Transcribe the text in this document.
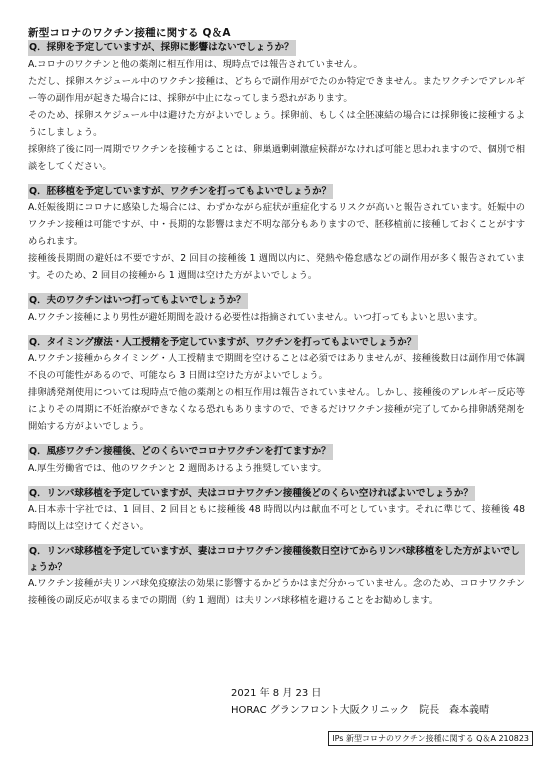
新型コロナのワクチン接種に関する Q＆A
Q．採卵を予定していますが、採卵に影響はないでしょうか？

A.コロナのワクチンと他の薬剤に相互作用は、現時点では報告されていません。

ただし、採卵スケジュール中のワクチン接種は、どちらで副作用がでたのか特定できません。またワクチンでアレルギー等の副作用が起きた場合には、採卵が中止になってしまう恐れがあります。

そのため、採卵スケジュール中は避けた方がよいでしょう。採卵前、もしくは全胚凍結の場合には採卵後に接種するようにしましょう。

採卵終了後に同一周期でワクチンを接種することは、卵巣過剰刺激症候群がなければ可能と思われますので、個別で相談をしてください。

Q．胚移植を予定していますが、ワクチンを打ってもよいでしょうか？

A.妊娠後期にコロナに感染した場合には、わずかながら症状が重症化するリスクが高いと報告されています。妊娠中のワクチン接種は可能ですが、中・長期的な影響はまだ不明な部分もありますので、胚移植前に接種しておくことがすすめられます。

接種後長期間の避妊は不要ですが、2 回目の接種後 1 週間以内に、発熱や倦怠感などの副作用が多く報告されています。そのため、2 回目の接種から 1 週間は空けた方がよいでしょう。

Q．夫のワクチンはいつ打ってもよいでしょうか？

A.ワクチン接種により男性が避妊期間を設ける必要性は指摘されていません。いつ打ってもよいと思います。

Q．タイミング療法・人工授精を予定していますが、ワクチンを打ってもよいでしょうか？

A.ワクチン接種からタイミング・人工授精まで期間を空けることは必須ではありませんが、接種後数日は副作用で体調不良の可能性があるので、可能なら 3 日間は空けた方がよいでしょう。

排卵誘発剤使用については現時点で他の薬剤との相互作用は報告されていません。しかし、接種後のアレルギー反応等によりその周期に不妊治療ができなくなる恐れもありますので、できるだけワクチン接種が完了してから排卵誘発剤を開始する方がよいでしょう。

Q．風疹ワクチン接種後、どのくらいでコロナワクチンを打てますか？

A.厚生労働省では、他のワクチンと 2 週間あけるよう推奨しています。

Q．リンパ球移植を予定していますが、夫はコロナワクチン接種後どのくらい空ければよいでしょうか？

A.日本赤十字社では、1 回目、2 回目ともに接種後 48 時間以内は献血不可としています。それに準じて、接種後 48 時間以上は空けてください。

Q．リンパ球移植を予定していますが、妻はコロナワクチン接種後数日空けてからリンパ球移植をした方がよいでしょうか？

A.ワクチン接種が夫リンパ球免疫療法の効果に影響するかどうかはまだ分かっていません。念のため、コロナワクチン接種後の副反応が収まるまでの期間（約 1 週間）は夫リンパ球移植を避けることをお勧めします。

2021 年 8 月 23 日
HORAC グランフロント大阪クリニック　院長　森本義晴
IPs 新型コロナのワクチン接種に関する Q＆A 210823
